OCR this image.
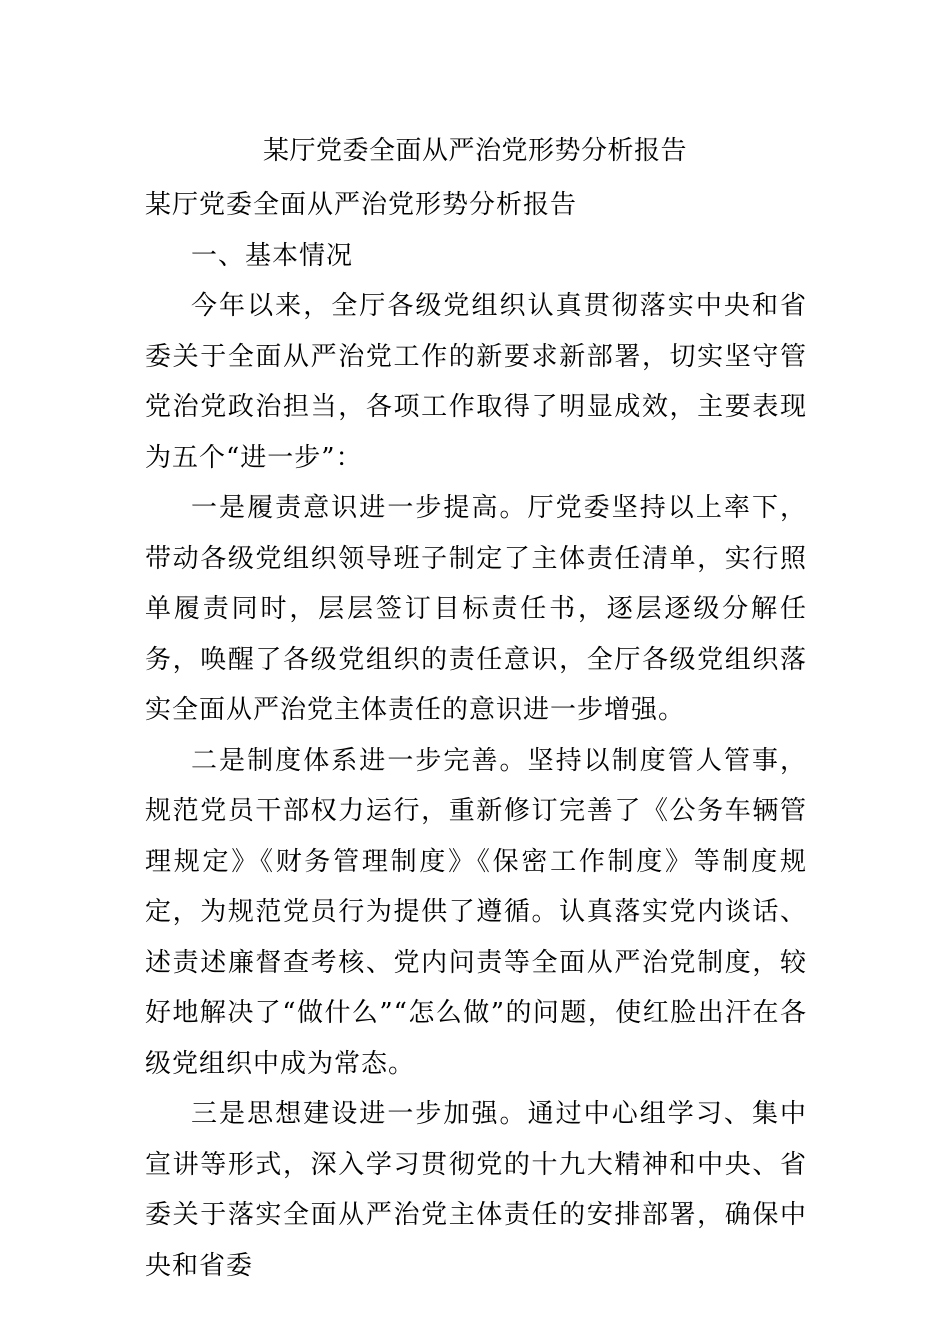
某厅党委全面从严治党形势分析报告

某厅党委全面从严治党形势分析报告

一、基本情况

今年以来，全厅各级党组织认真贯彻落实中央和省委关于全面从严治党工作的新要求新部署，切实坚守管党治党政治担当，各项工作取得了明显成效，主要表现为五个“进一步”：

一是履责意识进一步提高。厅党委坚持以上率下，带动各级党组织领导班子制定了主体责任清单，实行照单履责同时，层层签订目标责任书，逐层逐级分解任务，唤醒了各级党组织的责任意识，全厅各级党组织落实全面从严治党主体责任的意识进一步增强。

二是制度体系进一步完善。坚持以制度管人管事，规范党员干部权力运行，重新修订完善了《公务车辆管理规定》《财务管理制度》《保密工作制度》等制度规定，为规范党员行为提供了遵循。认真落实党内谈话、述责述廉督查考核、党内问责等全面从严治党制度，较好地解决了“做什么”“怎么做”的问题，使红脸出汗在各级党组织中成为常态。

三是思想建设进一步加强。通过中心组学习、集中宣讲等形式，深入学习贯彻党的十九大精神和中央、省委关于落实全面从严治党主体责任的安排部署，确保中央和省委
